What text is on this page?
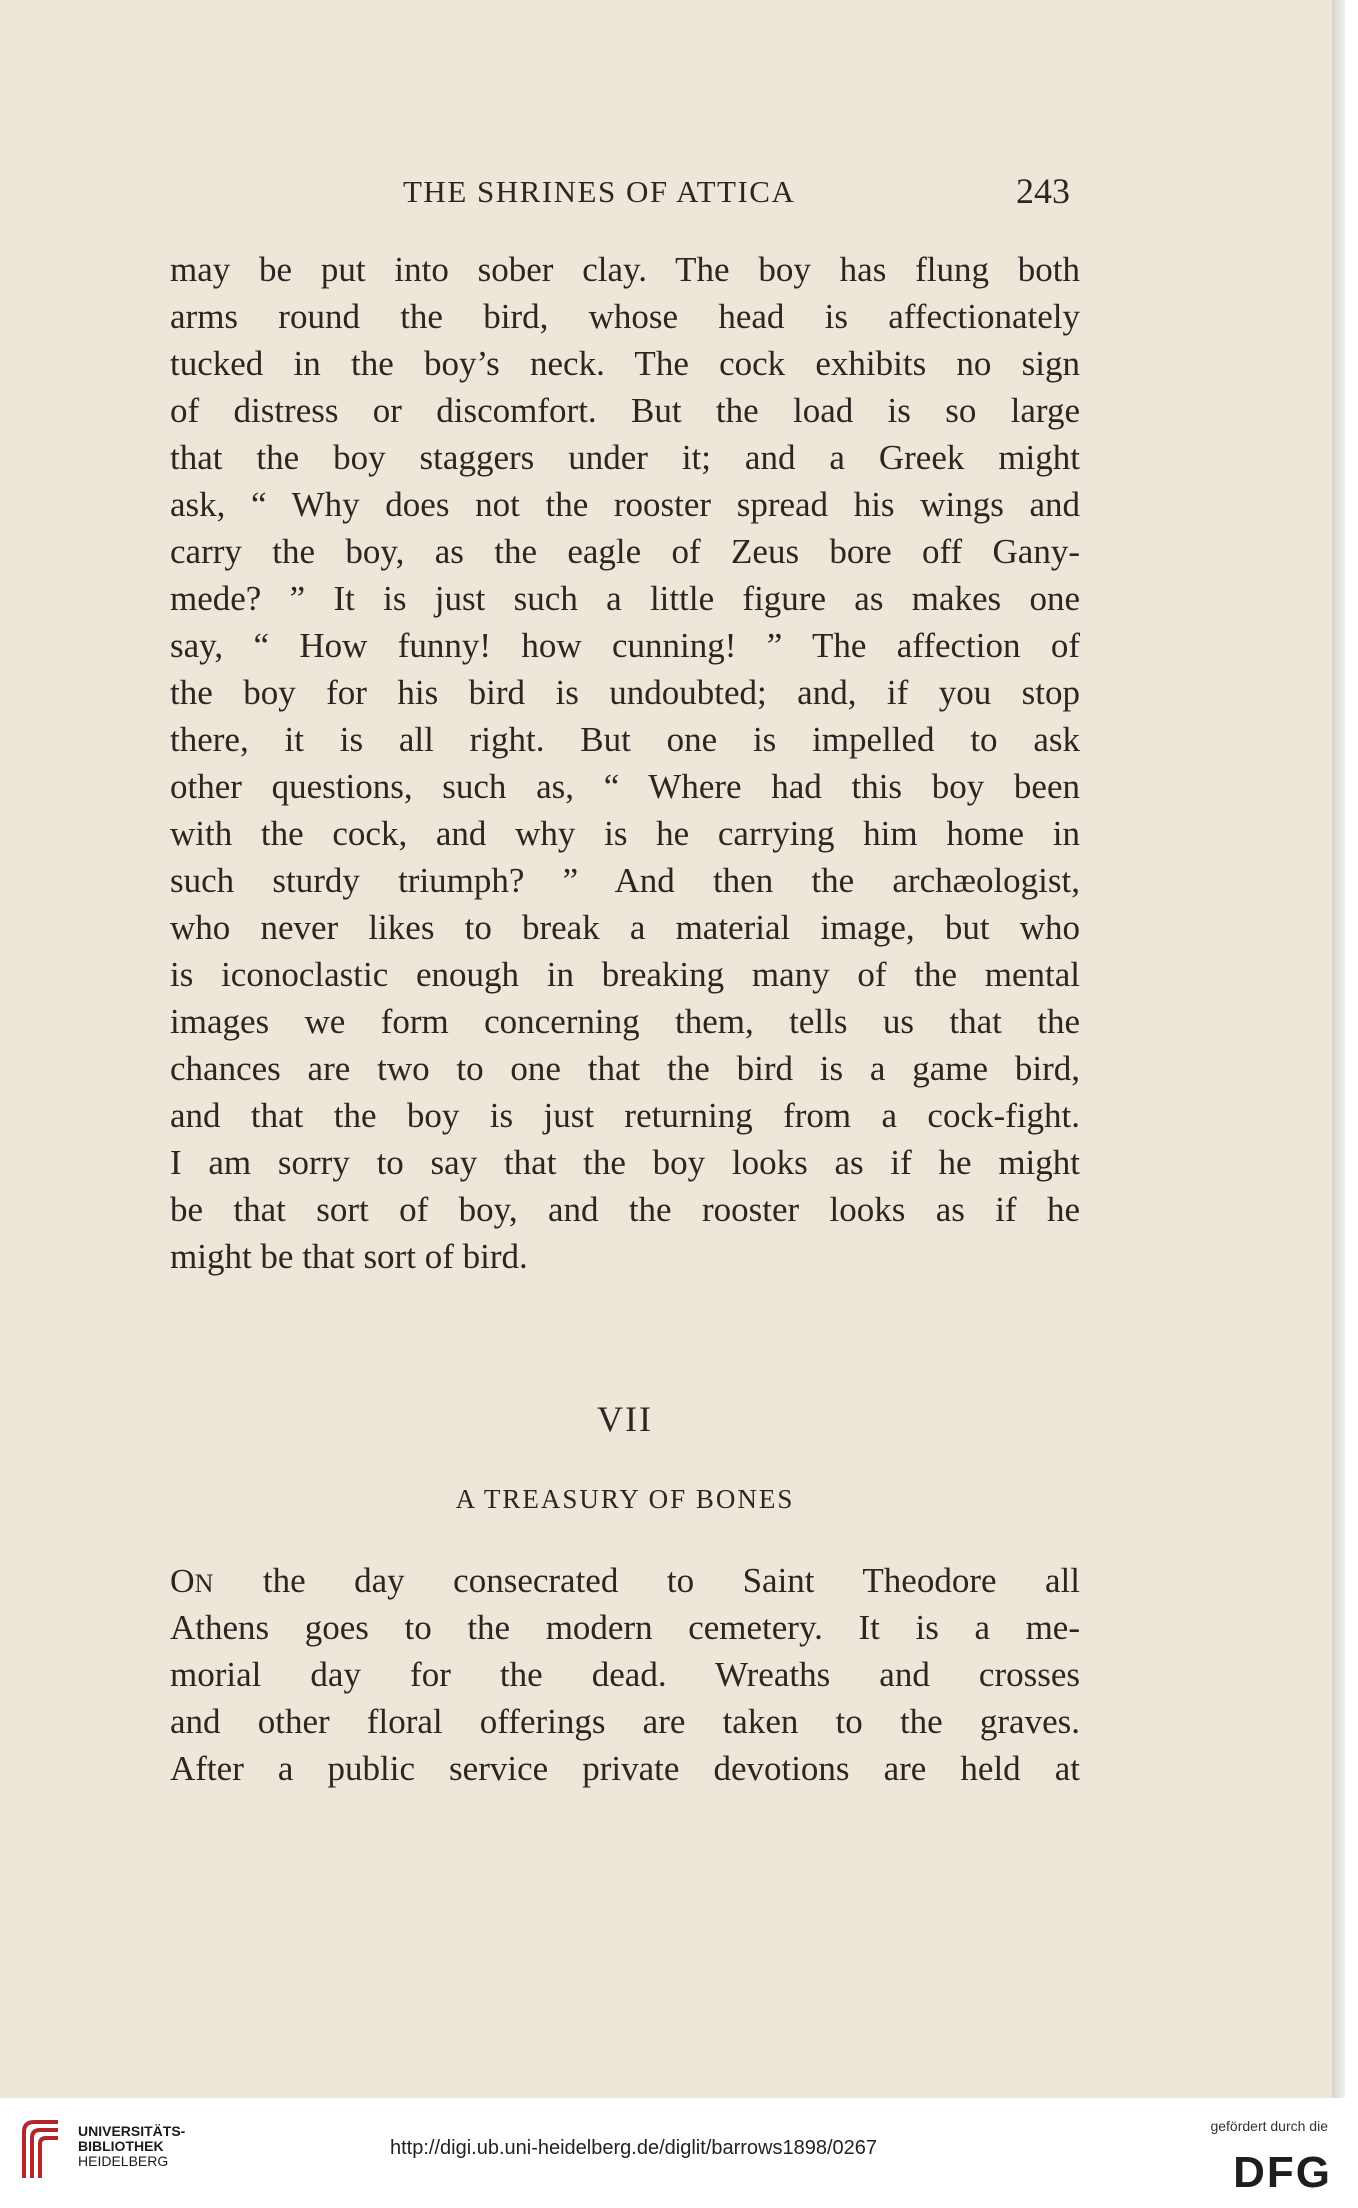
THE SHRINES OF ATTICA	243
may be put into sober clay. The boy has flung both
arms round the bird, whose head is affectionately
tucked in the boy’s neck. The cock exhibits no sign
of distress or discomfort. But the load is so large
that the boy staggers under it; and a Greek might
ask, “ Why does not the rooster spread his wings and
carry the boy, as the eagle of Zeus bore off Gany-
mede? ” It is just such a little figure as makes one
say, “ How funny! how cunning! ” The affection of
the boy for his bird is undoubted; and, if you stop
there, it is all right. But one is impelled to ask
other questions, such as, “ Where had this boy been
with the cock, and why is he carrying him home in
such sturdy triumph? ” And then the archæologist,
who never likes to break a material image, but who
is iconoclastic enough in breaking many of the mental
images we form concerning them, tells us that the
chances are two to one that the bird is a game bird,
and that the boy is just returning from a cock-fight.
I am sorry to say that the boy looks as if he might
be that sort of boy, and the rooster looks as if he
might be that sort of bird.
VII
A TREASURY OF BONES
ON the day consecrated to Saint Theodore all
Athens goes to the modern cemetery. It is a me-
morial day for the dead. Wreaths and crosses
and other floral offerings are taken to the graves.
After a public service private devotions are held at
UNIVERSITÄTS-
BIBLIOTHEK
HEIDELBERG
http://digi.ub.uni-heidelberg.de/diglit/barrows1898/0267
gefördert durch die
DFG
